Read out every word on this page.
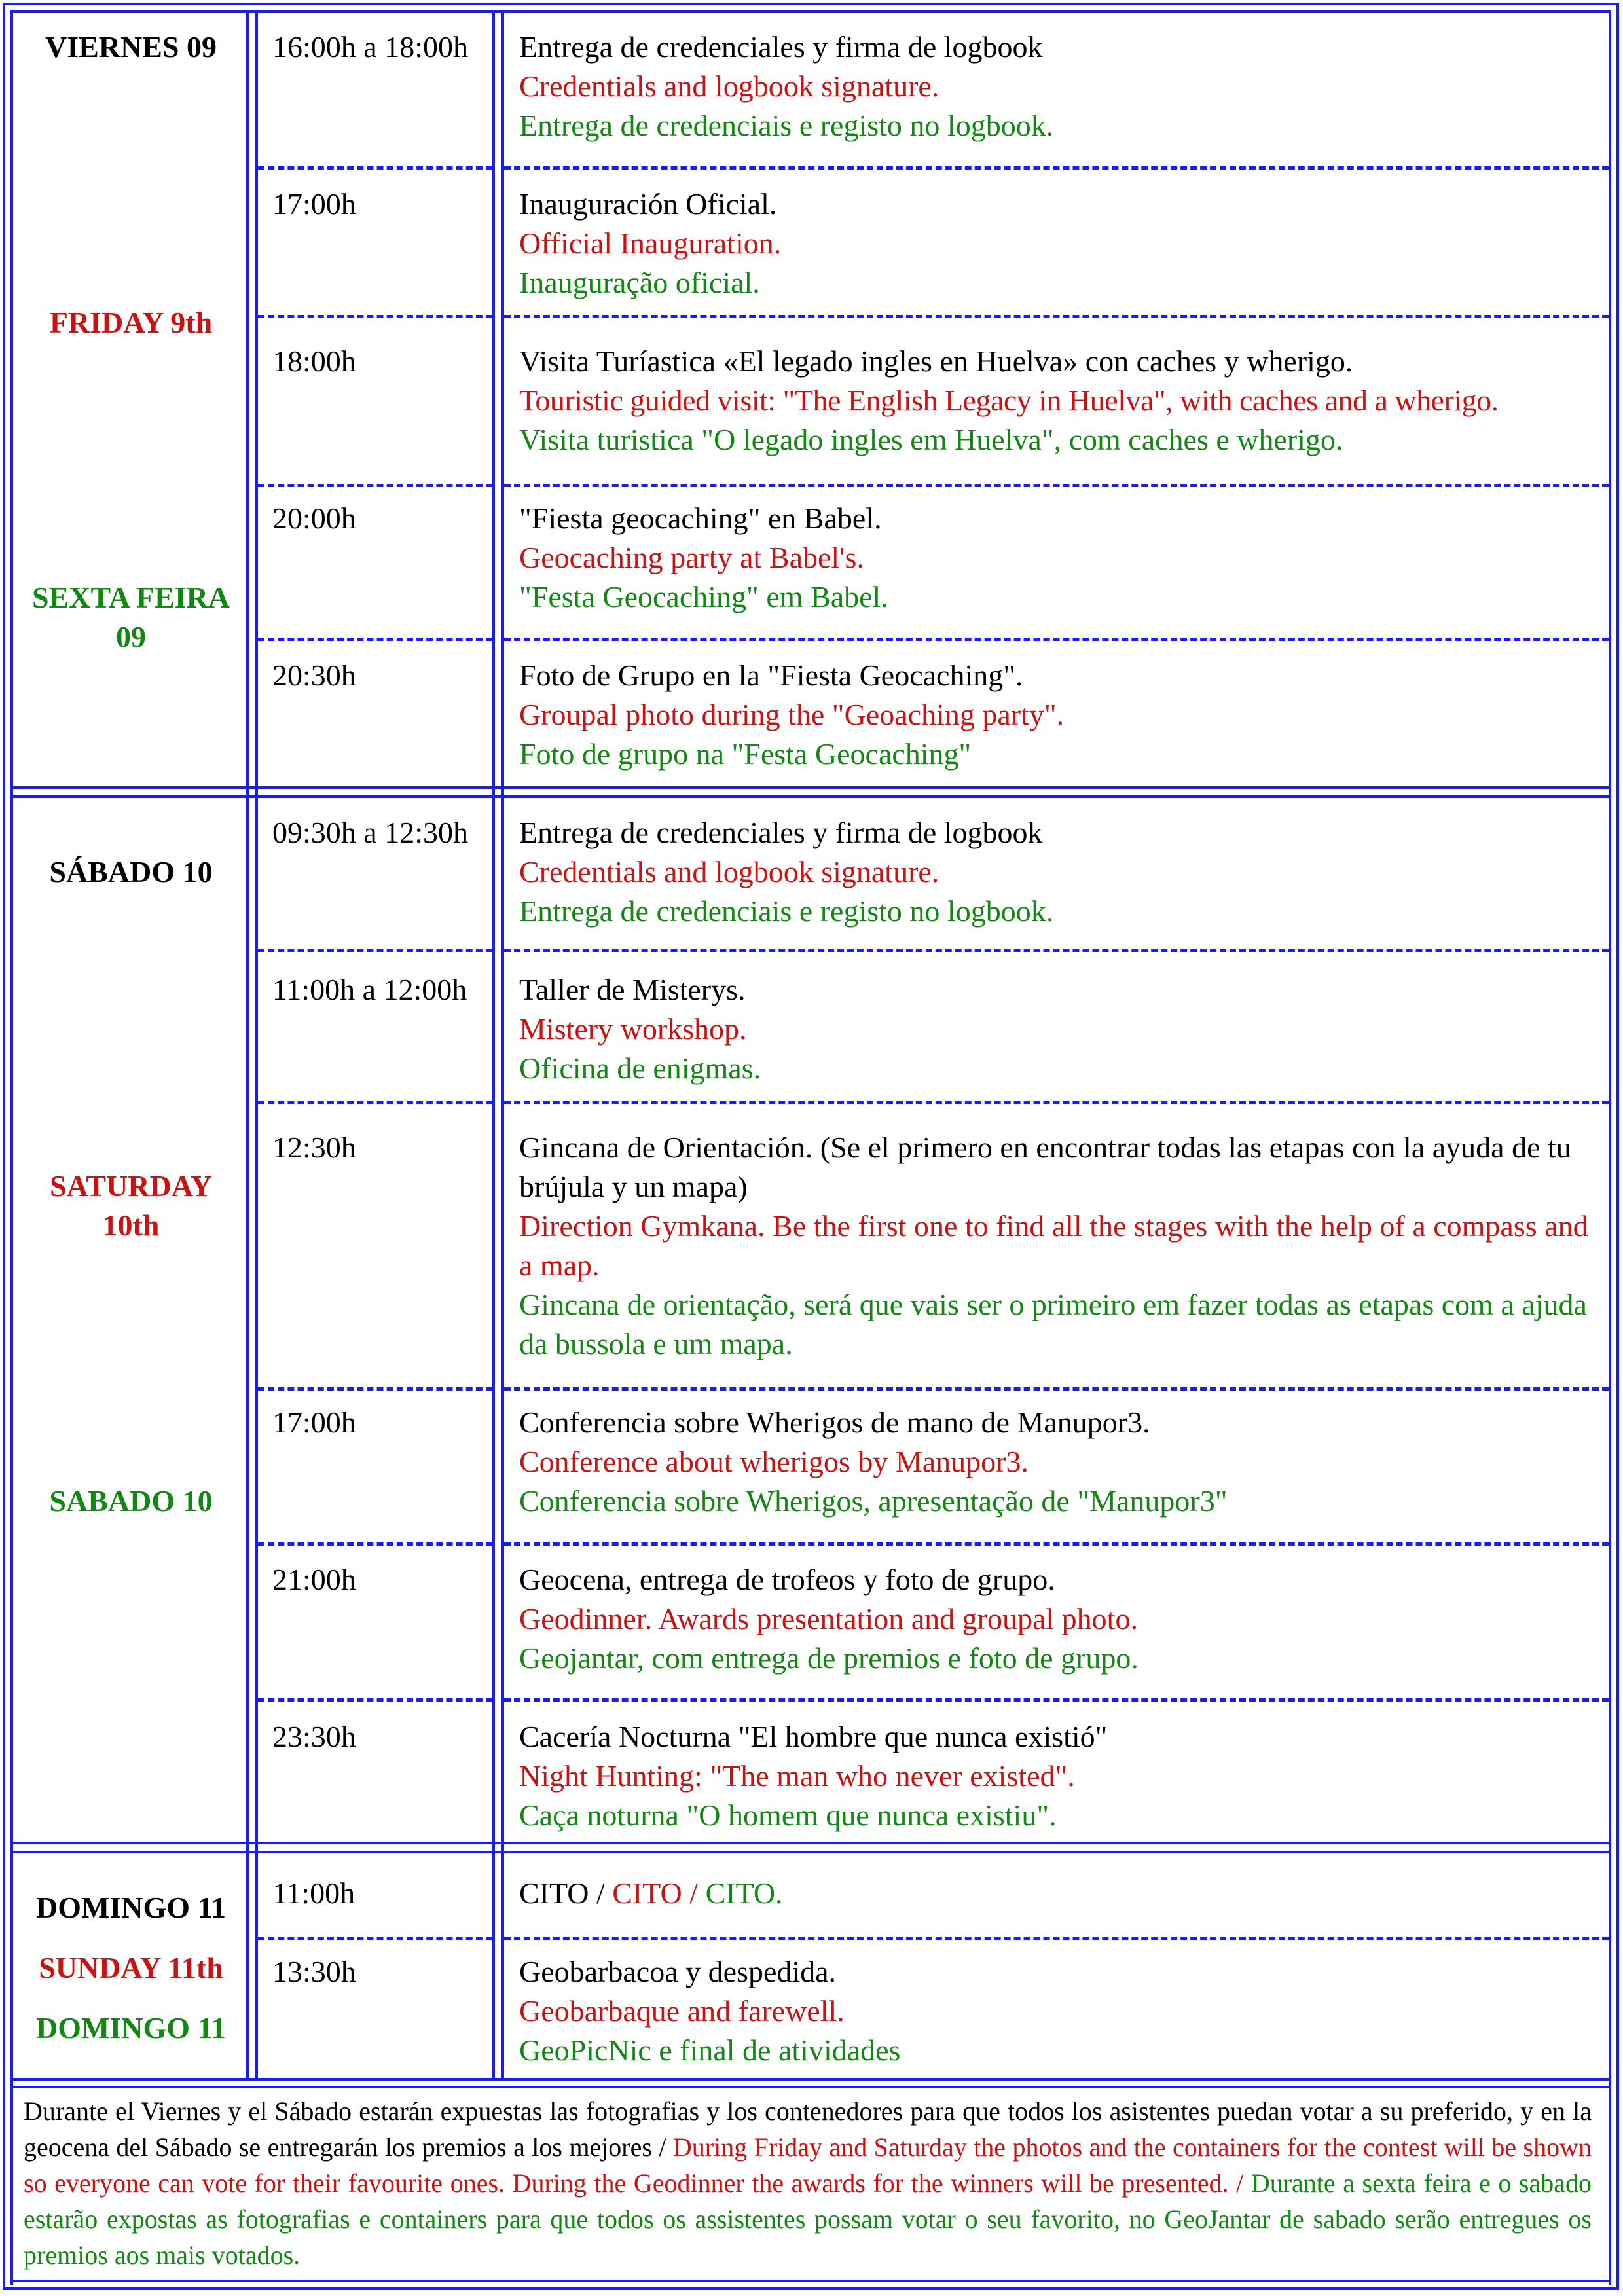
VIERNES 09
FRIDAY 9th
SEXTA FEIRA
09
16:00h a 18:00h Entrega de credenciales y firma de logbook
Credentials and logbook signature.
Entrega de credenciais e registo no logbook.
17:00h	Inauguración Oficial.
Official Inauguration.
Inauguração oficial.
18:00h	Visita Turíastica «El legado ingles en Huelva» con caches y wherigo.
Touristic guided visit: "The English Legacy in Huelva", with caches and a wherigo.
Visita turistica "O legado ingles em Huelva", com caches e wherigo.
20:00h	"Fiesta geocaching" en Babel.
Geocaching party at Babel's.
"Festa Geocaching" em Babel.
20:30h	Foto de Grupo en la "Fiesta Geocaching".
Groupal photo during the "Geoaching party".
Foto de grupo na "Festa Geocaching"
SÁBADO 10
SATURDAY
10th
SABADO 10
09:30h a 12:30h Entrega de credenciales y firma de logbook
Credentials and logbook signature.
Entrega de credenciais e registo no logbook.
11:00h a 12:00h Taller de Misterys.
Mistery workshop.
Oficina de enigmas.
12:30h	Gincana de Orientación. (Se el primero en encontrar todas las etapas con la ayuda de tu brújula y un mapa)
Direction Gymkana. Be the first one to find all the stages with the help of a compass and a map.
Gincana de orientação, será que vais ser o primeiro em fazer todas as etapas com a ajuda da bussola e um mapa.
17:00h	Conferencia sobre Wherigos de mano de Manupor3.
Conference about wherigos by Manupor3.
Conferencia sobre Wherigos, apresentação de "Manupor3"
21:00h	Geocena, entrega de trofeos y foto de grupo.
Geodinner. Awards presentation and groupal photo.
Geojantar, com entrega de premios e foto de grupo.
23:30h	Cacería Nocturna "El hombre que nunca existió"
Night Hunting: "The man who never existed".
Caça noturna "O homem que nunca existiu".
DOMINGO 11
SUNDAY 11th
DOMINGO 11
11:00h	CITO / CITO / CITO.
13:30h	Geobarbacoa y despedida.
Geobarbaque and farewell.
GeoPicNic e final de atividades
Durante el Viernes y el Sábado estarán expuestas las fotografias y los contenedores para que todos los asistentes puedan votar a su preferido, y en la geocena del Sábado se entregarán los premios a los mejores / During Friday and Saturday the photos and the containers for the contest will be shown so everyone can vote for their favourite ones. During the Geodinner the awards for the winners will be presented. / Durante a sexta feira e o sabado estarão expostas as fotografias e containers para que todos os assistentes possam votar o seu favorito, no GeoJantar de sabado serão entregues os premios aos mais votados.
